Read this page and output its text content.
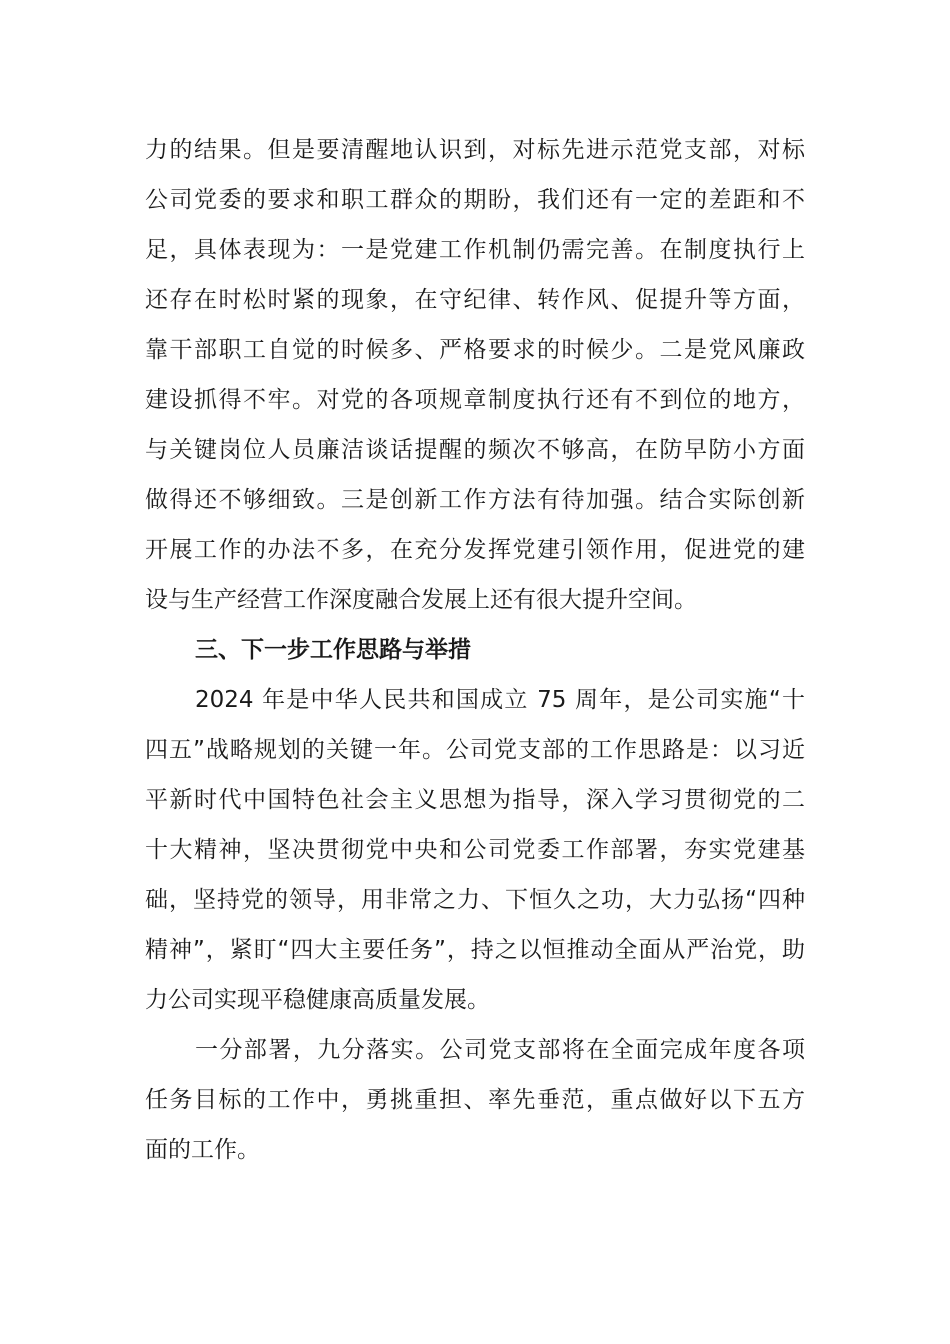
力的结果。但是要清醒地认识到，对标先进示范党支部，对标
公司党委的要求和职工群众的期盼，我们还有一定的差距和不
足，具体表现为：一是党建工作机制仍需完善。在制度执行上
还存在时松时紧的现象，在守纪律、转作风、促提升等方面，
靠干部职工自觉的时候多、严格要求的时候少。二是党风廉政
建设抓得不牢。对党的各项规章制度执行还有不到位的地方，
与关键岗位人员廉洁谈话提醒的频次不够高，在防早防小方面
做得还不够细致。三是创新工作方法有待加强。结合实际创新
开展工作的办法不多，在充分发挥党建引领作用，促进党的建
设与生产经营工作深度融合发展上还有很大提升空间。
三、下一步工作思路与举措
2024 年是中华人民共和国成立 75 周年，是公司实施“十
四五”战略规划的关键一年。公司党支部的工作思路是：以习近
平新时代中国特色社会主义思想为指导，深入学习贯彻党的二
十大精神，坚决贯彻党中央和公司党委工作部署，夯实党建基
础，坚持党的领导，用非常之力、下恒久之功，大力弘扬“四种
精神”，紧盯“四大主要任务”，持之以恒推动全面从严治党，助
力公司实现平稳健康高质量发展。
一分部署，九分落实。公司党支部将在全面完成年度各项
任务目标的工作中，勇挑重担、率先垂范，重点做好以下五方
面的工作。
